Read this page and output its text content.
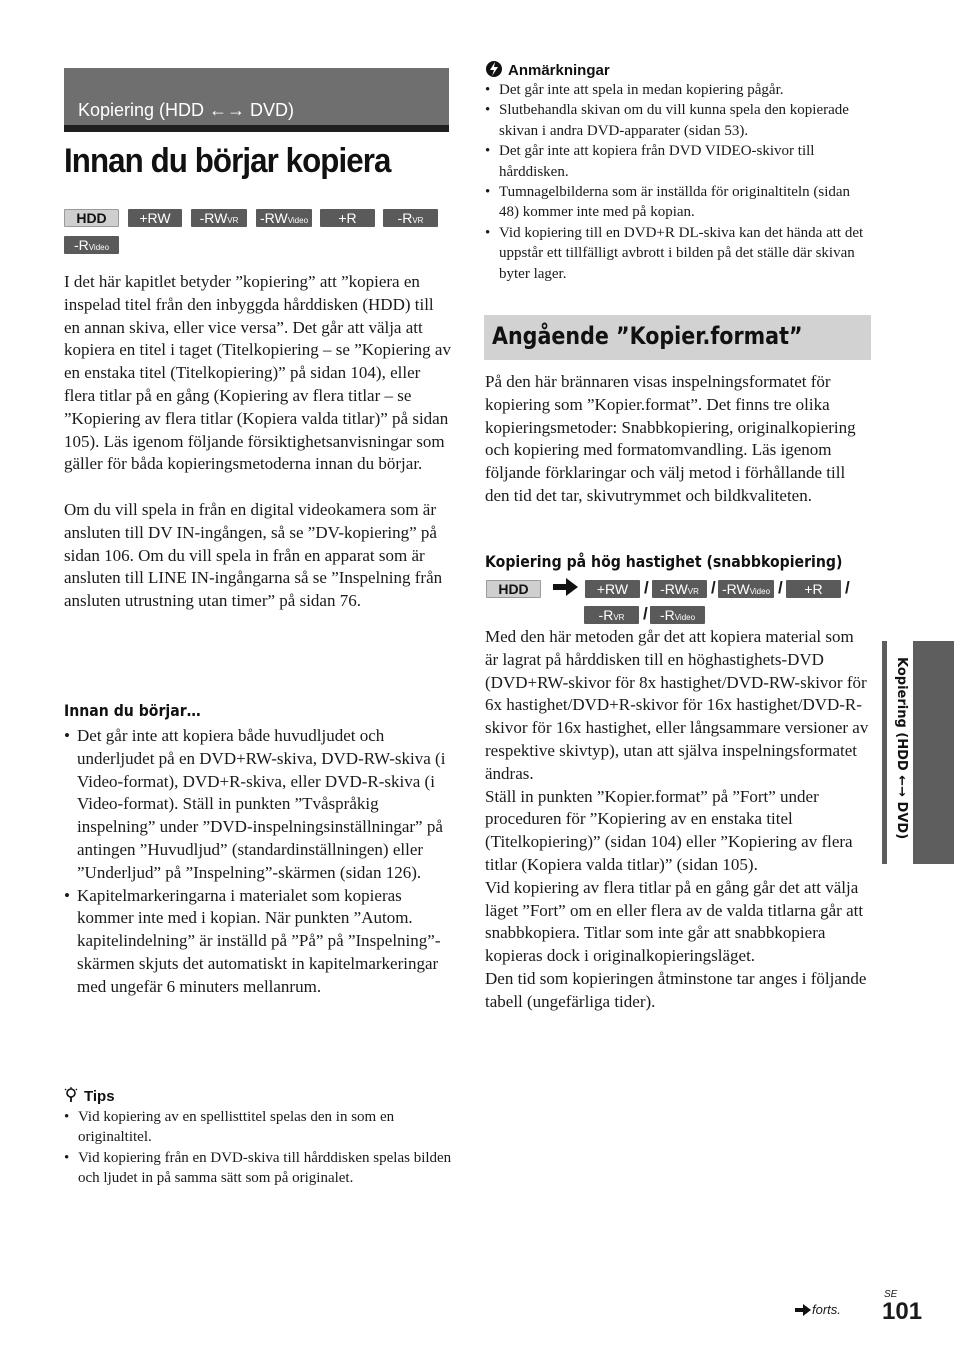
Kopiering (HDD ←→ DVD)
Innan du börjar kopiera
HDD	+RW	-RWVR	-RWVideo	+R	-RVR
-RVideo

I det här kapitlet betyder ”kopiering” att ”kopiera en inspelad titel från den inbyggda hårddisken (HDD) till en annan skiva, eller vice versa”. Det går att välja att kopiera en titel i taget (Titelkopiering – se ”Kopiering av en enstaka titel (Titelkopiering)” på sidan 104), eller flera titlar på en gång (Kopiering av flera titlar – se ”Kopiering av flera titlar (Kopiera valda titlar)” på sidan 105). Läs igenom följande försiktighetsanvisningar som gäller för båda kopieringsmetoderna innan du börjar.

Om du vill spela in från en digital videokamera som är ansluten till DV IN-ingången, så se ”DV-kopiering” på sidan 106. Om du vill spela in från en apparat som är ansluten till LINE IN-ingångarna så se ”Inspelning från ansluten utrustning utan timer” på sidan 76.

Innan du börjar…
• Det går inte att kopiera både huvudljudet och underljudet på en DVD+RW-skiva, DVD-RW-skiva (i Video-format), DVD+R-skiva, eller DVD-R-skiva (i Video-format). Ställ in punkten ”Tvåspråkig inspelning” under ”DVD-inspelningsinställningar” på antingen ”Huvudljud” (standardinställningen) eller ”Underljud” på ”Inspelning”-skärmen (sidan 126).
• Kapitelmarkeringarna i materialet som kopieras kommer inte med i kopian. När punkten ”Autom. kapitelindelning” är inställd på ”På” på ”Inspelning”-skärmen skjuts det automatiskt in kapitelmarkeringar med ungefär 6 minuters mellanrum.
Tips
• Vid kopiering av en spellisttitel spelas den in som en originaltitel.
• Vid kopiering från en DVD-skiva till hårddisken spelas bilden och ljudet in på samma sätt som på originalet.
Anmärkningar
• Det går inte att spela in medan kopiering pågår.
• Slutbehandla skivan om du vill kunna spela den kopierade skivan i andra DVD-apparater (sidan 53).
• Det går inte att kopiera från DVD VIDEO-skivor till hårddisken.
• Tumnagelbilderna som är inställda för originaltiteln (sidan 48) kommer inte med på kopian.
• Vid kopiering till en DVD+R DL-skiva kan det hända att det uppstår ett tillfälligt avbrott i bilden på det ställe där skivan byter lager.
Angående ”Kopier.format”
På den här brännaren visas inspelningsformatet för kopiering som ”Kopier.format”. Det finns tre olika kopieringsmetoder: Snabbkopiering, originalkopiering och kopiering med formatomvandling. Läs igenom följande förklaringar och välj metod i förhållande till den tid det tar, skivutrymmet och bildkvaliteten.
Kopiering på hög hastighet (snabbkopiering)
HDD	+RW / -RWVR / -RWVideo /	+R	/
-RVR	/ -RVideo

Med den här metoden går det att kopiera material som är lagrat på hårddisken till en höghastighets-DVD (DVD+RW-skivor för 8x hastighet/DVD-RW-skivor för 6x hastighet/DVD+R-skivor för 16x hastighet/DVD-R-skivor för 16x hastighet, eller långsammare versioner av respektive skivtyp), utan att själva inspelningsformatet ändras.

Ställ in punkten ”Kopier.format” på ”Fort” under proceduren för ”Kopiering av en enstaka titel (Titelkopiering)” (sidan 104) eller ”Kopiering av flera titlar (Kopiera valda titlar)” (sidan 105).

Vid kopiering av flera titlar på en gång går det att välja läget ”Fort” om en eller flera av de valda titlarna går att snabbkopiera. Titlar som inte går att snabbkopiera kopieras dock i originalkopieringsläget.

Den tid som kopieringen åtminstone tar anges i följande tabell (ungefärliga tider).

Kopiering (HDD ←→ DVD)
forts.
SE
101
